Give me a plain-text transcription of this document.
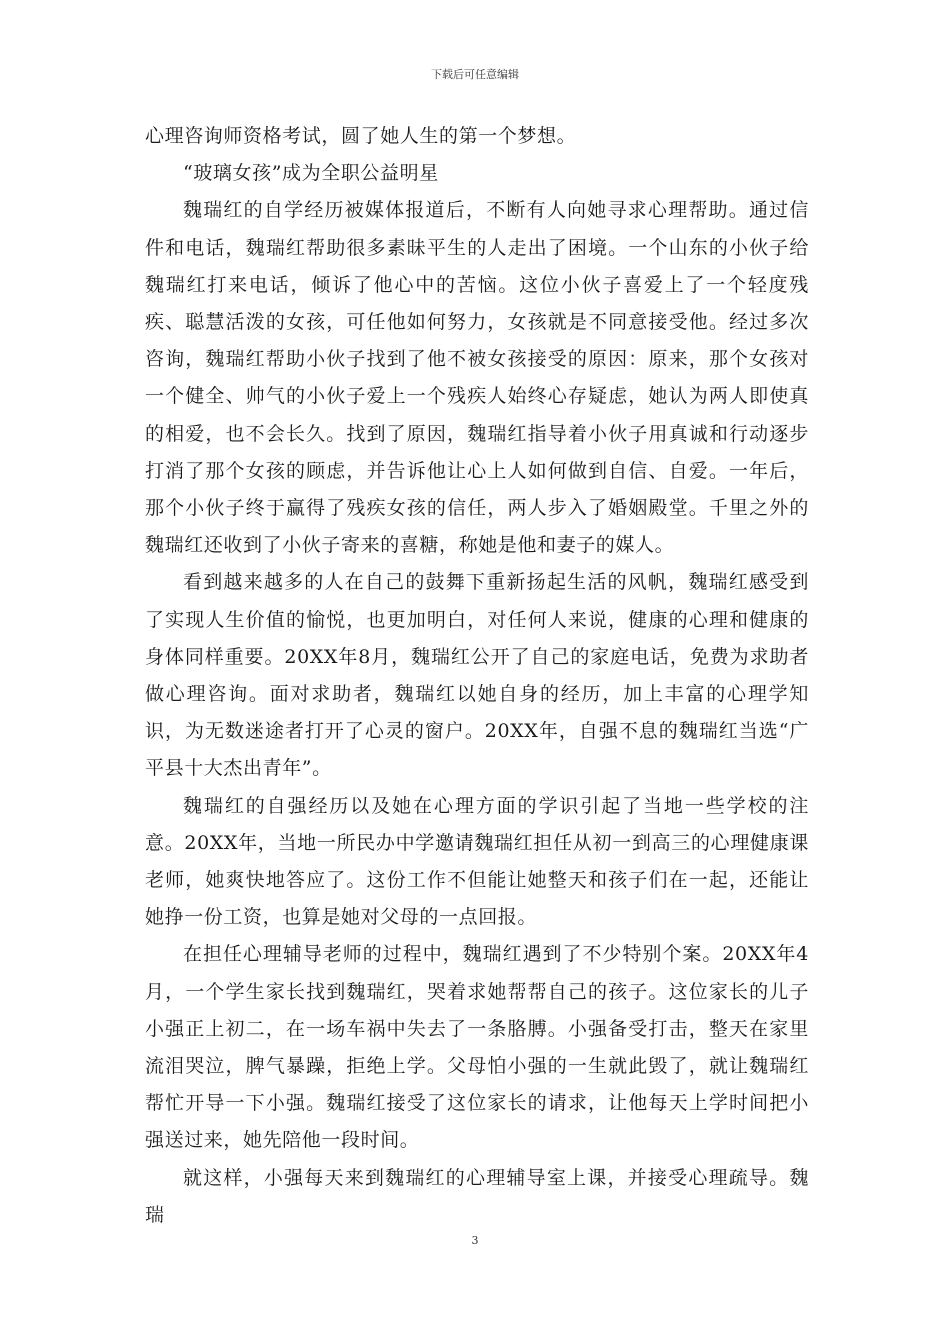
下载后可任意编辑

心理咨询师资格考试，圆了她人生的第一个梦想。

“玻璃女孩”成为全职公益明星

魏瑞红的自学经历被媒体报道后，不断有人向她寻求心理帮助。通过信件和电话，魏瑞红帮助很多素昧平生的人走出了困境。一个山东的小伙子给魏瑞红打来电话，倾诉了他心中的苦恼。这位小伙子喜爱上了一个轻度残疾、聪慧活泼的女孩，可任他如何努力，女孩就是不同意接受他。经过多次咨询，魏瑞红帮助小伙子找到了他不被女孩接受的原因：原来，那个女孩对一个健全、帅气的小伙子爱上一个残疾人始终心存疑虑，她认为两人即使真的相爱，也不会长久。找到了原因，魏瑞红指导着小伙子用真诚和行动逐步打消了那个女孩的顾虑，并告诉他让心上人如何做到自信、自爱。一年后，那个小伙子终于赢得了残疾女孩的信任，两人步入了婚姻殿堂。千里之外的魏瑞红还收到了小伙子寄来的喜糖，称她是他和妻子的媒人。

看到越来越多的人在自己的鼓舞下重新扬起生活的风帆，魏瑞红感受到了实现人生价值的愉悦，也更加明白，对任何人来说，健康的心理和健康的身体同样重要。20XX年8月，魏瑞红公开了自己的家庭电话，免费为求助者做心理咨询。面对求助者，魏瑞红以她自身的经历，加上丰富的心理学知识，为无数迷途者打开了心灵的窗户。20XX年，自强不息的魏瑞红当选“广平县十大杰出青年”。

魏瑞红的自强经历以及她在心理方面的学识引起了当地一些学校的注意。20XX年，当地一所民办中学邀请魏瑞红担任从初一到高三的心理健康课老师，她爽快地答应了。这份工作不但能让她整天和孩子们在一起，还能让她挣一份工资，也算是她对父母的一点回报。

在担任心理辅导老师的过程中，魏瑞红遇到了不少特别个案。20XX年4月，一个学生家长找到魏瑞红，哭着求她帮帮自己的孩子。这位家长的儿子小强正上初二，在一场车祸中失去了一条胳膊。小强备受打击，整天在家里流泪哭泣，脾气暴躁，拒绝上学。父母怕小强的一生就此毁了，就让魏瑞红帮忙开导一下小强。魏瑞红接受了这位家长的请求，让他每天上学时间把小强送过来，她先陪他一段时间。

就这样，小强每天来到魏瑞红的心理辅导室上课，并接受心理疏导。魏瑞

3
